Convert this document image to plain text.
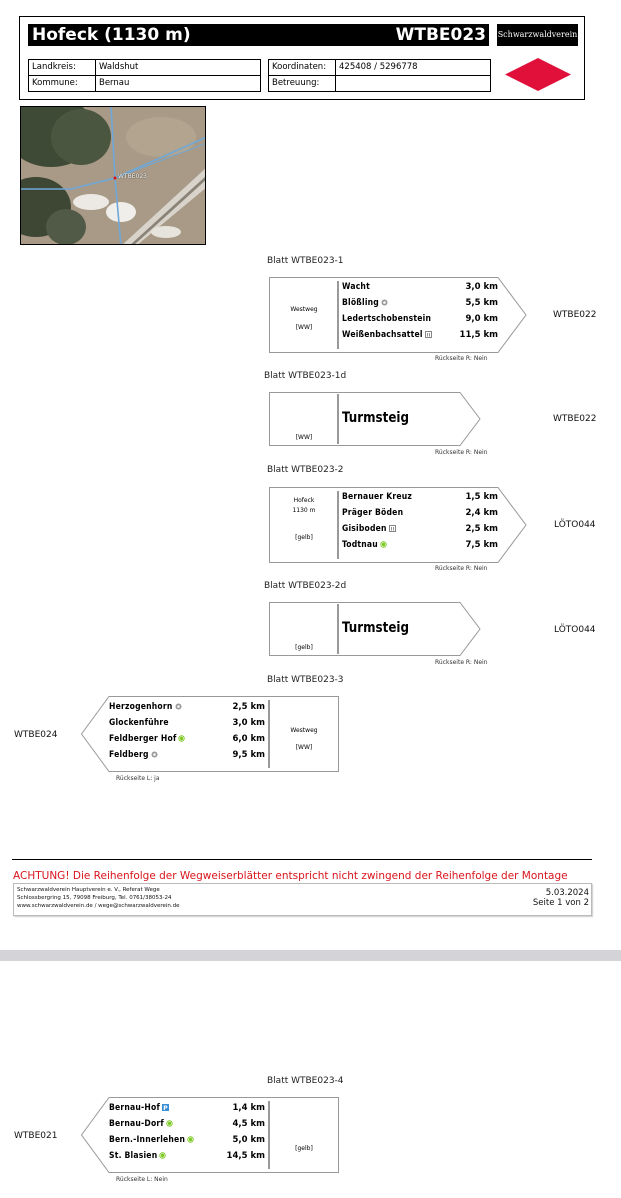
Hofeck (1130 m)	WTBE023 Schwarzwaldverein
Landkreis:	Waldshut
Kommune:	Bernau
Koordinaten:	425408 / 5296778
Betreuung:	
WTBE023
Blatt WTBE023-1
Westweg
[WW]
Wacht	3,0 km
Blößling	5,5 km
Ledertschobenstein	9,0 km
Weißenbachsattel	11,5 km
WTBE022
Rückseite R: Nein
Blatt WTBE023-1d
[WW]
Turmsteig	WTBE022
Rückseite R: Nein
Blatt WTBE023-2
Hofeck
1130 m
[gelb]
Bernauer Kreuz	1,5 km
Präger Böden	2,4 km
Gisiboden	2,5 km
Todtnau	7,5 km
LÖTO044
Rückseite R: Nein
Blatt WTBE023-2d
[gelb]
Turmsteig	LÖTO044
Rückseite R: Nein
Blatt WTBE023-3
Herzogenhorn	2,5 km
Glockenführe	3,0 km
Feldberger Hof	6,0 km
Feldberg	9,5 km
Westweg
[WW]
WTBE024
Rückseite L: ja
ACHTUNG! Die Reihenfolge der Wegweiserblätter entspricht nicht zwingend der Reihenfolge der Montage
Schwarzwaldverein Hauptverein e. V., Referat Wege
Schlossbergring 15, 79098 Freiburg, Tel. 0761/38053-24
www.schwarzwaldverein.de / wege@schwarzwaldverein.de
5.03.2024
Seite 1 von 2
Blatt WTBE023-4
Bernau-Hof P	1,4 km
Bernau-Dorf	4,5 km
Bern.-Innerlehen	5,0 km
St. Blasien	14,5 km
[gelb]
WTBE021
Rückseite L: Nein
